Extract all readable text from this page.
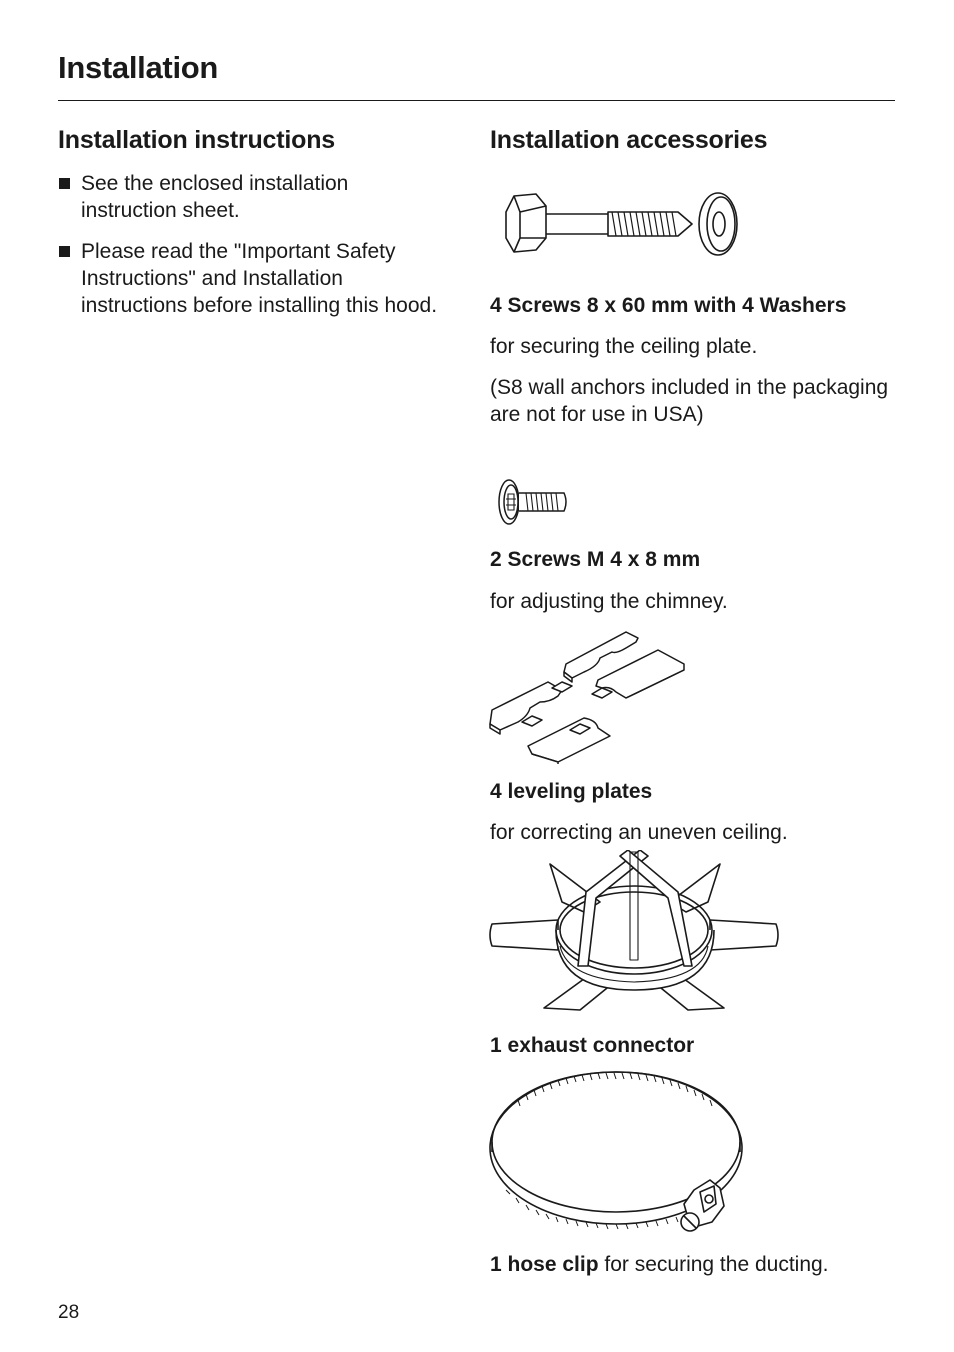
Installation
Installation instructions
See the enclosed installation instruction sheet.
Please read the "Important Safety Instructions" and Installation instructions before installing this hood.
Installation accessories
4 Screws 8 x 60 mm with 4 Washers
for securing the ceiling plate.
(S8 wall anchors included in the packaging are not for use in USA)
2 Screws M 4 x 8 mm
for adjusting the chimney.
4 leveling plates
for correcting an uneven ceiling.
1 exhaust connector
1 hose clip for securing the ducting.
28
